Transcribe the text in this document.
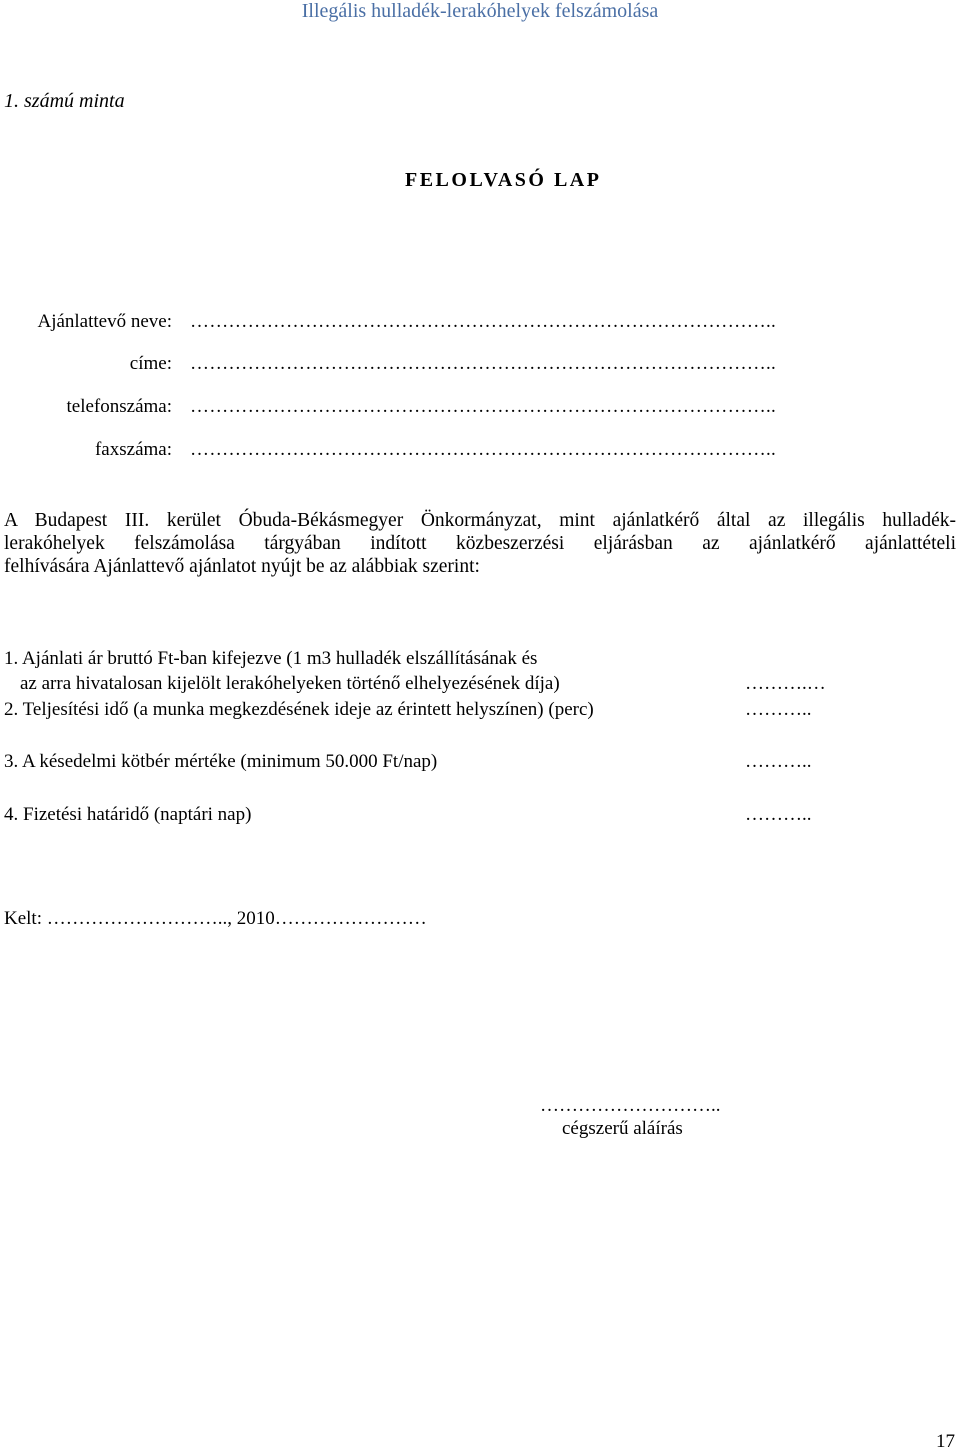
Illegális hulladék-lerakóhelyek felszámolása
1. számú minta
FELOLVASÓ LAP
Ajánlattevő neve: ………………………………………………………………………………..
címe: ………………………………………………………………………………..
telefonszáma: ………………………………………………………………………………..
faxszáma: ………………………………………………………………………………..
A Budapest III. kerület Óbuda-Békásmegyer Önkormányzat, mint ajánlatkérő által az illegális hulladék-
lerakóhelyek felszámolása tárgyában indított közbeszerzési eljárásban az ajánlatkérő ajánlattételi
felhívására Ajánlattevő ajánlatot nyújt be az alábbiak szerint:
1. Ajánlati ár bruttó Ft-ban kifejezve (1 m3 hulladék elszállításának és
az arra hivatalosan kijelölt lerakóhelyeken történő elhelyezésének díja)	……….…
2. Teljesítési idő (a munka megkezdésének ideje az érintett helyszínen) (perc)	………..
3. A késedelmi kötbér mértéke (minimum 50.000 Ft/nap)	………..
4. Fizetési határidő (naptári nap)	………..
Kelt: ……………………….., 2010……………………
………………………..
cégszerű aláírás
17
